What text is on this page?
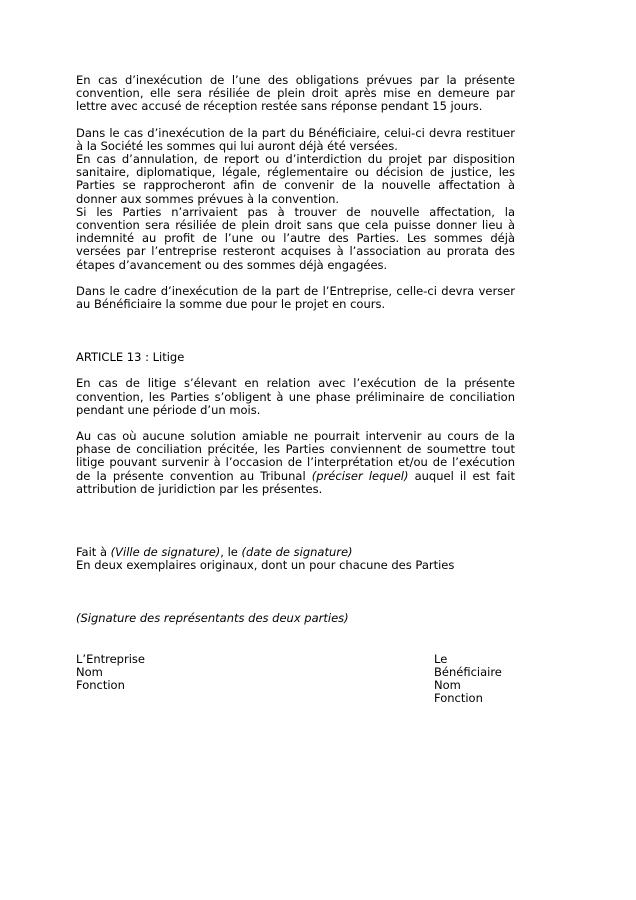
En cas d’inexécution de l’une des obligations prévues par la présente convention, elle sera résiliée de plein droit après mise en demeure par lettre avec accusé de réception restée sans réponse pendant 15 jours.

Dans le cas d’inexécution de la part du Bénéficiaire, celui-ci devra restituer à la Société les sommes qui lui auront déjà été versées.

En cas d’annulation, de report ou d’interdiction du projet par disposition sanitaire, diplomatique, légale, réglementaire ou décision de justice, les Parties se rapprocheront afin de convenir de la nouvelle affectation à donner aux sommes prévues à la convention.

Si les Parties n’arrivaient pas à trouver de nouvelle affectation, la convention sera résiliée de plein droit sans que cela puisse donner lieu à indemnité au profit de l’une ou l’autre des Parties. Les sommes déjà versées par l’entreprise resteront acquises à l’association au prorata des étapes d’avancement ou des sommes déjà engagées.

Dans le cadre d’inexécution de la part de l’Entreprise, celle-ci devra verser au Bénéficiaire la somme due pour le projet en cours.

ARTICLE 13 : Litige

En cas de litige s’élevant en relation avec l’exécution de la présente convention, les Parties s’obligent à une phase préliminaire de conciliation pendant une période d’un mois.

Au cas où aucune solution amiable ne pourrait intervenir au cours de la phase de conciliation précitée, les Parties conviennent de soumettre tout litige pouvant survenir à l’occasion de l’interprétation et/ou de l’exécution de la présente convention au Tribunal (préciser lequel) auquel il est fait attribution de juridiction par les présentes.

Fait à (Ville de signature), le (date de signature)

En deux exemplaires originaux, dont un pour chacune des Parties

(Signature des représentants des deux parties)

L’Entreprise

Nom

Fonction

Le Bénéficiaire

Nom

Fonction
